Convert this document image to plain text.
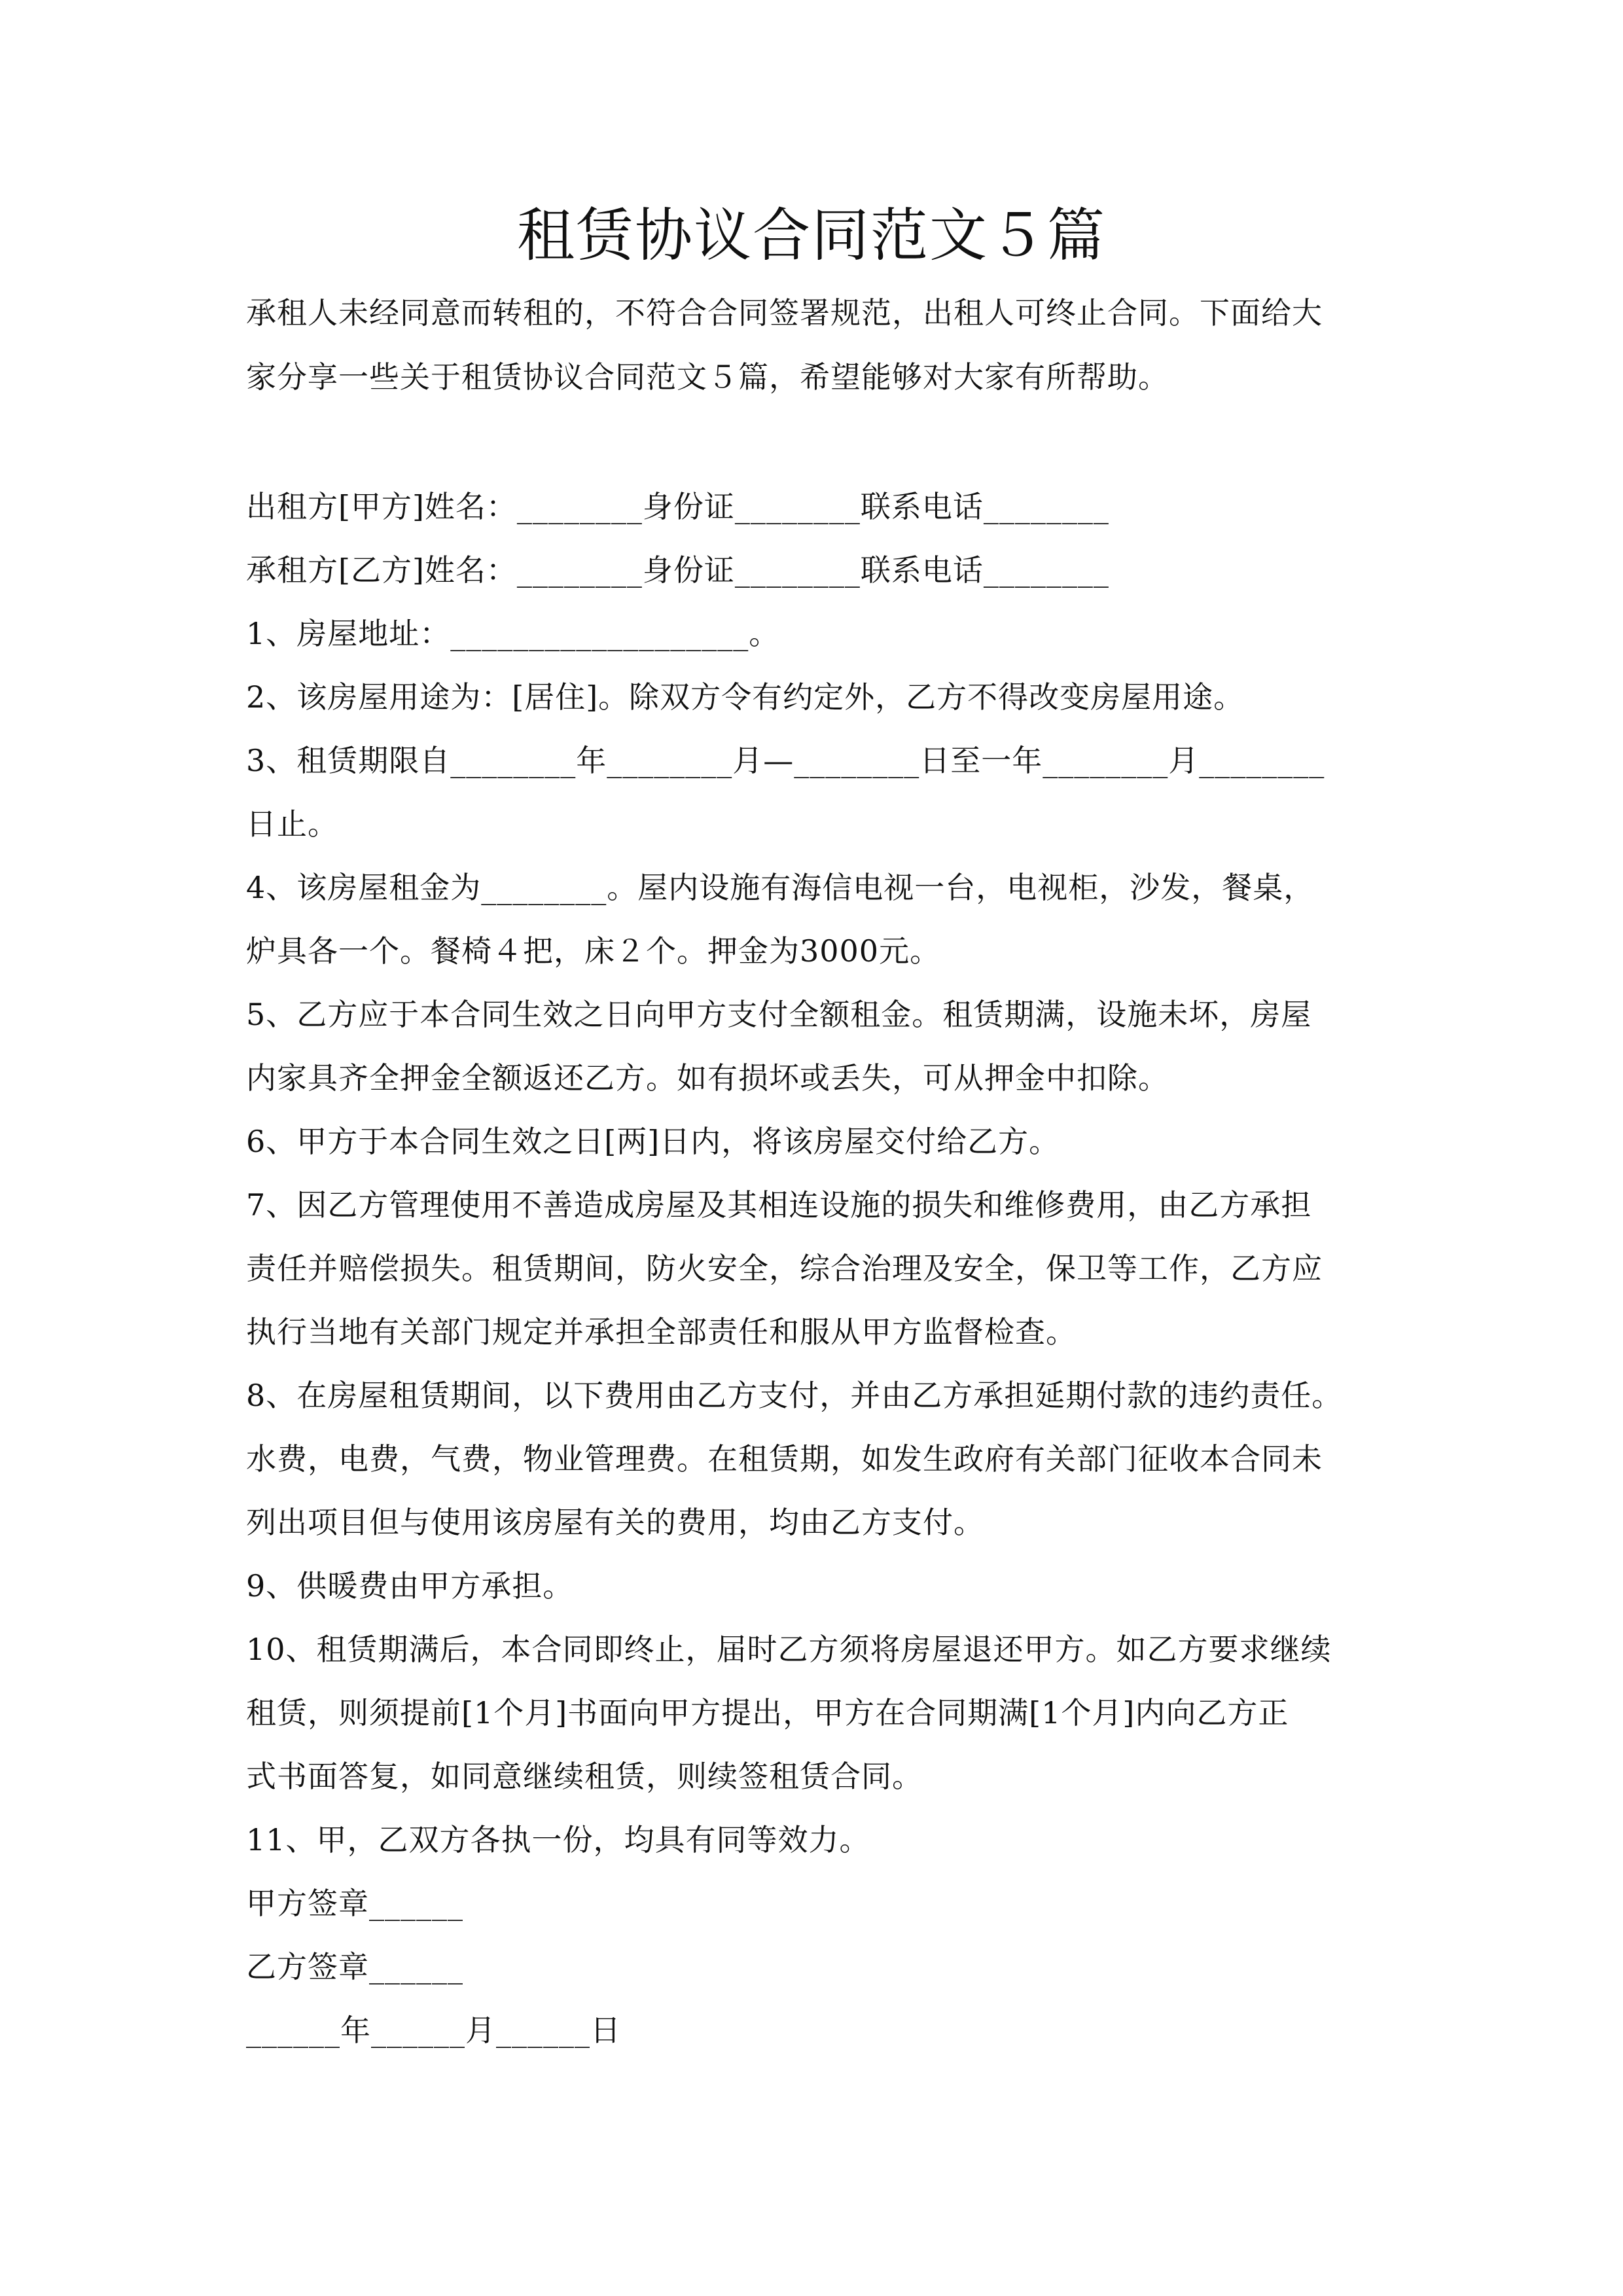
租赁协议合同范文５篇
承租人未经同意而转租的，不符合合同签署规范，出租人可终止合同。下面给大
家分享一些关于租赁协议合同范文５篇，希望能够对大家有所帮助。
出租方[甲方]姓名：________身份证________联系电话________
承租方[乙方]姓名：________身份证________联系电话________
1、房屋地址：___________________。
2、该房屋用途为：[居住]。除双方令有约定外，乙方不得改变房屋用途。
3、租赁期限自________年________月—________日至一年________月________
日止。
4、该房屋租金为________。屋内设施有海信电视一台，电视柜，沙发，餐桌，
炉具各一个。餐椅４把，床２个。押金为3000元。
5、乙方应于本合同生效之日向甲方支付全额租金。租赁期满，设施未坏，房屋
内家具齐全押金全额返还乙方。如有损坏或丢失，可从押金中扣除。
6、甲方于本合同生效之日[两]日内，将该房屋交付给乙方。
7、因乙方管理使用不善造成房屋及其相连设施的损失和维修费用，由乙方承担
责任并赔偿损失。租赁期间，防火安全，综合治理及安全，保卫等工作，乙方应
执行当地有关部门规定并承担全部责任和服从甲方监督检查。
8、在房屋租赁期间，以下费用由乙方支付，并由乙方承担延期付款的违约责任。
水费，电费，气费，物业管理费。在租赁期，如发生政府有关部门征收本合同未
列出项目但与使用该房屋有关的费用，均由乙方支付。
9、供暖费由甲方承担。
10、租赁期满后，本合同即终止，届时乙方须将房屋退还甲方。如乙方要求继续
租赁，则须提前[1个月]书面向甲方提出，甲方在合同期满[1个月]内向乙方正
式书面答复，如同意继续租赁，则续签租赁合同。
11、甲，乙双方各执一份，均具有同等效力。
甲方签章______
乙方签章______
______年______月______日
